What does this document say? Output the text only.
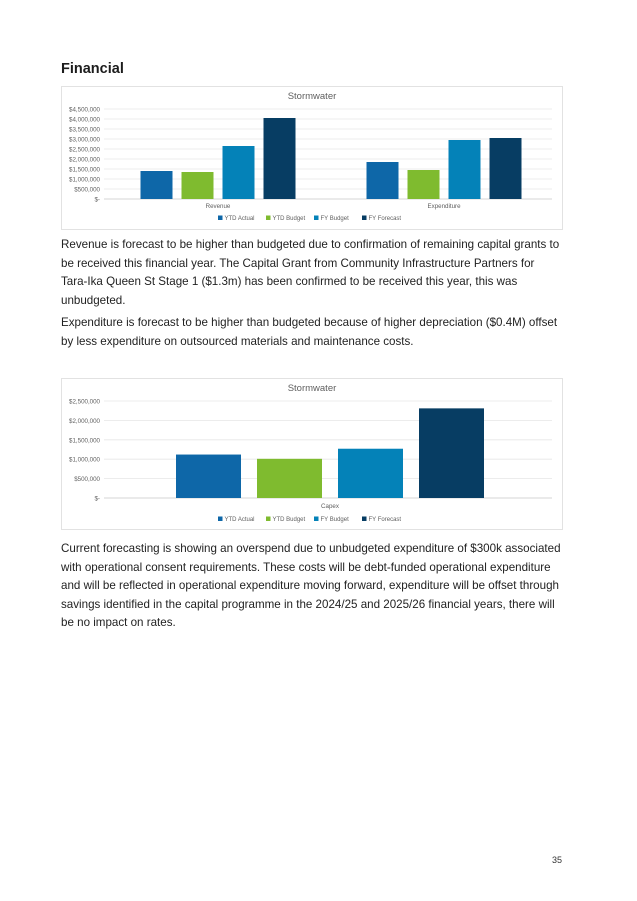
Financial
Stormwater
$4,500,000
$4,000,000
$3,500,000
$3,000,000
$2,500,000
$2,000,000
$1,500,000
$1,000,000
$500,000
$-
Revenue	Expenditure
YTD Actual	YTD Budget	FY Budget	FY Forecast

Revenue is forecast to be higher than budgeted due to confirmation of remaining capital grants to be received this financial year. The Capital Grant from Community Infrastructure Partners for Tara-Ika Queen St Stage 1 ($1.3m) has been confirmed to be received this year, this was unbudgeted.

Expenditure is forecast to be higher than budgeted because of higher depreciation ($0.4M) offset by less expenditure on outsourced materials and maintenance costs.

Stormwater
$2,500,000
$2,000,000
$1,500,000
$1,000,000
$500,000
$-
Capex
YTD Actual	YTD Budget	FY Budget	FY Forecast

Current forecasting is showing an overspend due to unbudgeted expenditure of $300k associated with operational consent requirements. These costs will be debt-funded operational expenditure and will be reflected in operational expenditure moving forward, expenditure will be offset through savings identified in the capital programme in the 2024/25 and 2025/26 financial years, there will be no impact on rates.

35
